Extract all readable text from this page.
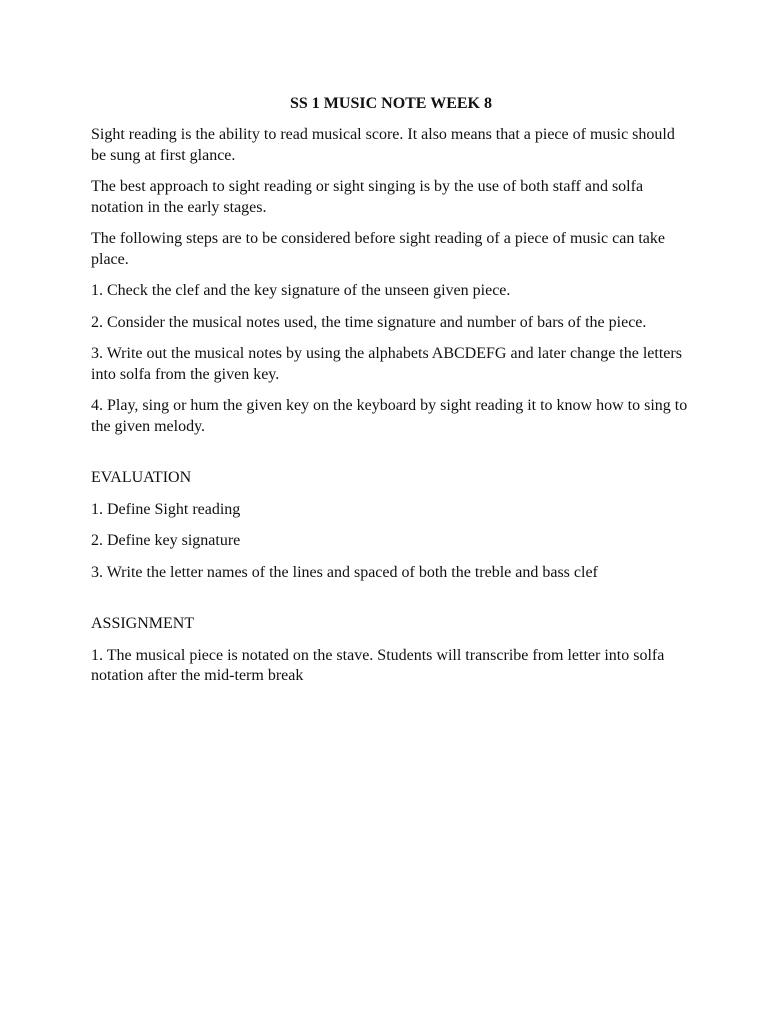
SS 1 MUSIC NOTE WEEK 8

Sight reading is the ability to read musical score. It also means that a piece of music should be sung at first glance.

The best approach to sight reading or sight singing is by the use of both staff and solfa notation in the early stages.

The following steps are to be considered before sight reading of a piece of music can take place.

1. Check the clef and the key signature of the unseen given piece.

2. Consider the musical notes used, the time signature and number of bars of the piece.

3. Write out the musical notes by using the alphabets ABCDEFG and later change the letters into solfa from the given key.

4. Play, sing or hum the given key on the keyboard by sight reading it to know how to sing to the given melody.

EVALUATION

1. Define Sight reading

2. Define key signature

3. Write the letter names of the lines and spaced of both the treble and bass clef

ASSIGNMENT

1. The musical piece is notated on the stave. Students will transcribe from letter into solfa notation after the mid-term break
